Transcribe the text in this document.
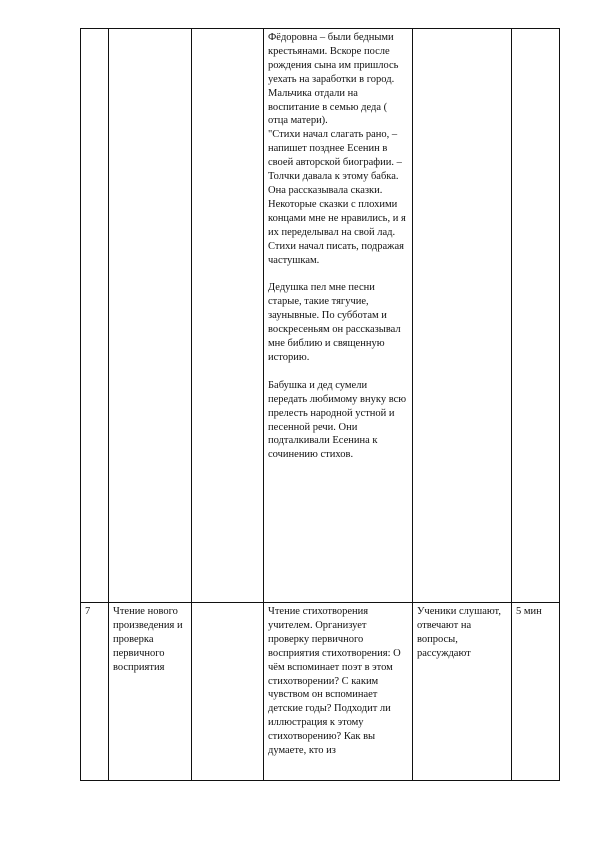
			Фёдоровна – были бедными крестьянами. Вскоре после рождения сына им пришлось уехать на заработки в город. Мальчика отдали на воспитание в семью деда ( отца матери).

"Стихи начал слагать рано, – напишет позднее Есенин в своей авторской биографии. – Толчки давала к этому бабка. Она рассказывала сказки. Некоторые сказки с плохими концами мне не нравились, и я их переделывал на свой лад. Стихи начал писать, подражая частушкам.

Дедушка пел мне песни старые, такие тягучие, заунывные. По субботам и воскресеньям он рассказывал мне библию и священную историю.

Бабушка и дед сумели передать любимому внуку всю прелесть народной устной и песенной речи. Они подталкивали Есенина к сочинению стихов.		

7	Чтение нового произведения и проверка первичного восприятия		Чтение стихотворения учителем. Организует проверку первичного восприятия стихотворения: О чём вспоминает поэт в этом стихотворении? С каким чувством он вспоминает детские годы? Подходит ли иллюстрация к этому стихотворению? Как вы думаете, кто из	Ученики слушают, отвечают на вопросы, рассуждают	5 мин
